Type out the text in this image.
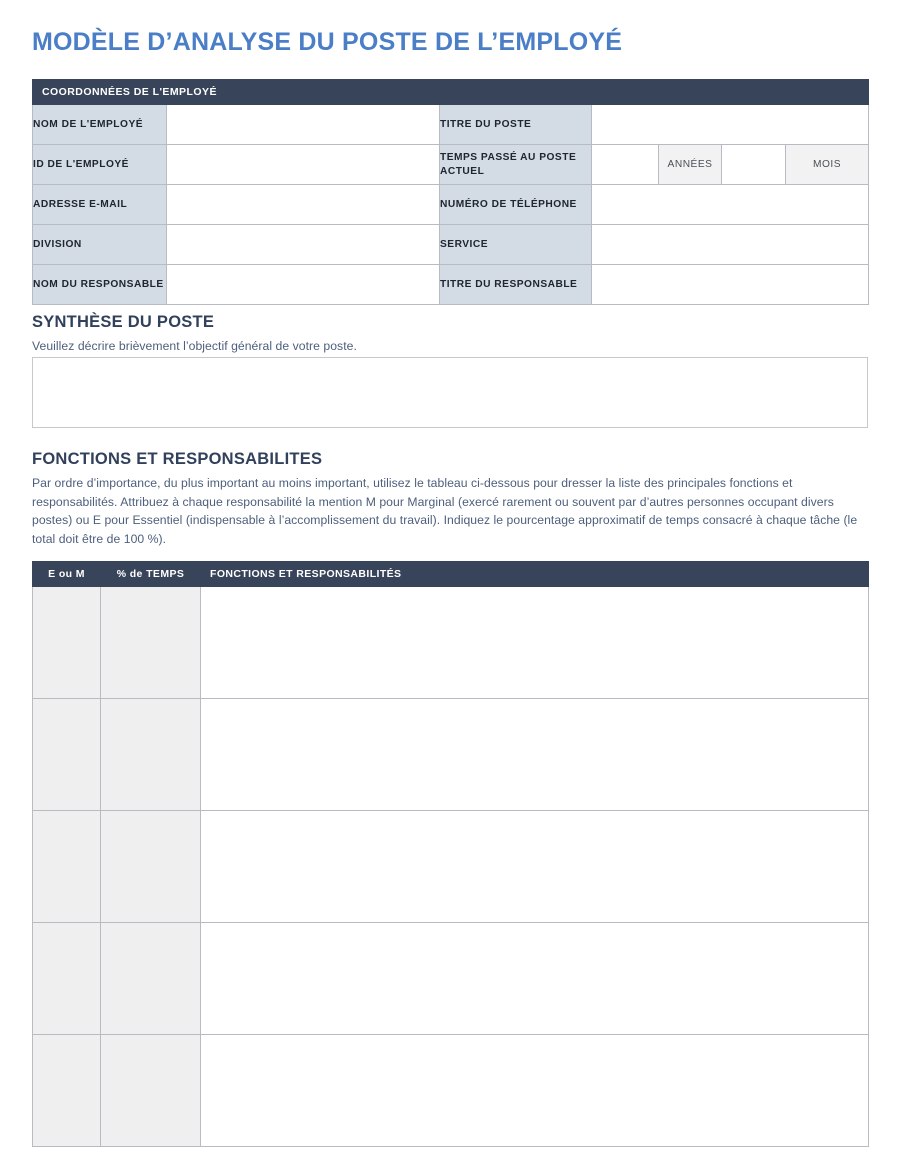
MODÈLE D’ANALYSE DU POSTE DE L’EMPLOYÉ
COORDONNÉES DE L'EMPLOYÉ						
NOM DE L'EMPLOYÉ		TITRE DU POSTE				
ID DE L'EMPLOYÉ		TEMPS PASSÉ AU POSTE ACTUEL		ANNÉES		MOIS
ADRESSE E-MAIL		NUMÉRO DE TÉLÉPHONE				
DIVISION		SERVICE				
NOM DU RESPONSABLE		TITRE DU RESPONSABLE				
SYNTHÈSE DU POSTE
Veuillez décrire brièvement l’objectif général de votre poste.
FONCTIONS ET RESPONSABILITES
Par ordre d’importance, du plus important au moins important, utilisez le tableau ci-dessous pour dresser la liste des principales fonctions et responsabilités. Attribuez à chaque responsabilité la mention M pour Marginal (exercé rarement ou souvent par d’autres personnes occupant divers postes) ou E pour Essentiel (indispensable à l’accomplissement du travail). Indiquez le pourcentage approximatif de temps consacré à chaque tâche (le total doit être de 100 %).
E ou M	% de TEMPS	FONCTIONS ET RESPONSABILITÉS
